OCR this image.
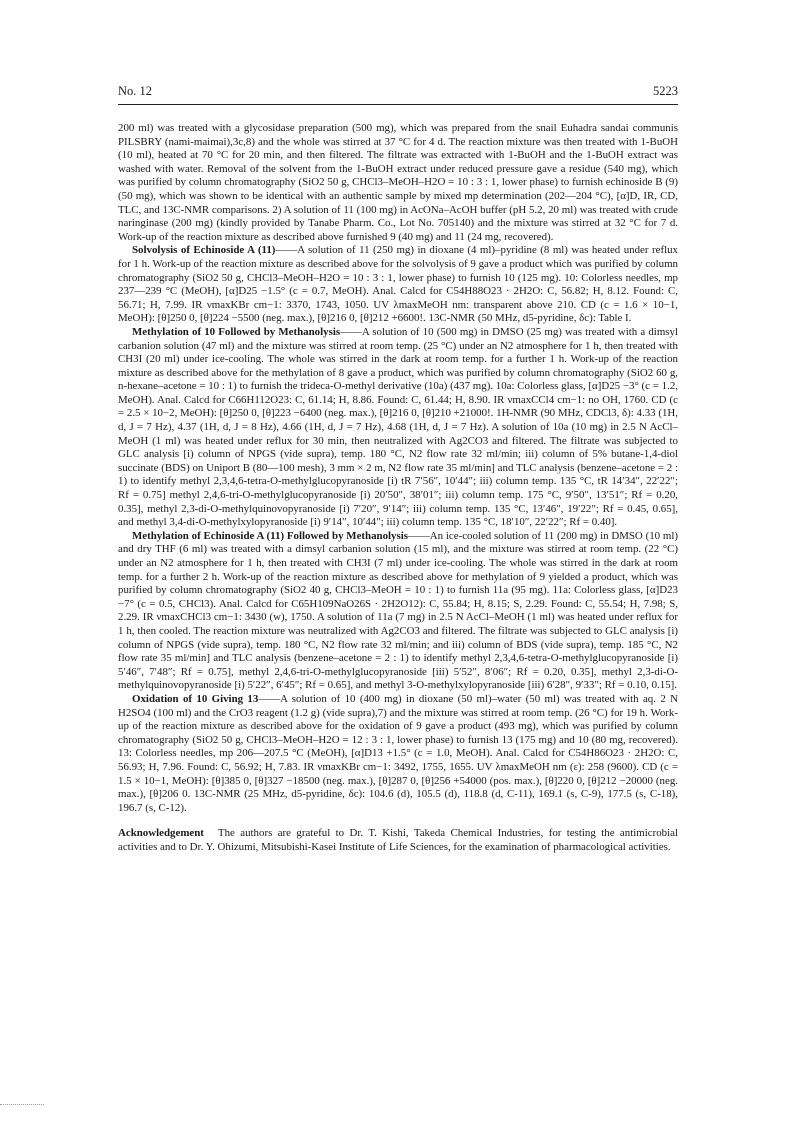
No. 12	5223

200 ml) was treated with a glycosidase preparation (500 mg), which was prepared from the snail Euhadra sandai communis PILSBRY (nami-maimai),3c,8) and the whole was stirred at 37 °C for 4 d. The reaction mixture was then treated with 1-BuOH (10 ml), heated at 70 °C for 20 min, and then filtered. The filtrate was extracted with 1-BuOH and the 1-BuOH extract was washed with water. Removal of the solvent from the 1-BuOH extract under reduced pressure gave a residue (540 mg), which was purified by column chromatography (SiO2 50 g, CHCl3–MeOH–H2O = 10 : 3 : 1, lower phase) to furnish echinoside B (9) (50 mg), which was shown to be identical with an authentic sample by mixed mp determination (202—204 °C), [α]D, IR, CD, TLC, and 13C-NMR comparisons. 2) A solution of 11 (100 mg) in AcONa–AcOH buffer (pH 5.2, 20 ml) was treated with crude naringinase (200 mg) (kindly provided by Tanabe Pharm. Co., Lot No. 705140) and the mixture was stirred at 32 °C for 7 d. Work-up of the reaction mixture as described above furnished 9 (40 mg) and 11 (24 mg, recovered).

Solvolysis of Echinoside A (11)——A solution of 11 (250 mg) in dioxane (4 ml)–pyridine (8 ml) was heated under reflux for 1 h. Work-up of the reaction mixture as described above for the solvolysis of 9 gave a product which was purified by column chromatography (SiO2 50 g, CHCl3–MeOH–H2O = 10 : 3 : 1, lower phase) to furnish 10 (125 mg). 10: Colorless needles, mp 237—239 °C (MeOH), [α]D25 −1.5° (c = 0.7, MeOH). Anal. Calcd for C54H88O23 · 2H2O: C, 56.82; H, 8.12. Found: C, 56.71; H, 7.99. IR νmaxKBr cm−1: 3370, 1743, 1050. UV λmaxMeOH nm: transparent above 210. CD (c = 1.6 × 10−1, MeOH): [θ]250 0, [θ]224 −5500 (neg. max.), [θ]216 0, [θ]212 +6600!. 13C-NMR (50 MHz, d5-pyridine, δc): Table I.

Methylation of 10 Followed by Methanolysis——A solution of 10 (500 mg) in DMSO (25 mg) was treated with a dimsyl carbanion solution (47 ml) and the mixture was stirred at room temp. (25 °C) under an N2 atmosphere for 1 h, then treated with CH3I (20 ml) under ice-cooling. The whole was stirred in the dark at room temp. for a further 1 h. Work-up of the reaction mixture as described above for the methylation of 8 gave a product, which was purified by column chromatography (SiO2 60 g, n-hexane–acetone = 10 : 1) to furnish the trideca-O-methyl derivative (10a) (437 mg). 10a: Colorless glass, [α]D25 −3° (c = 1.2, MeOH). Anal. Calcd for C66H112O23: C, 61.14; H, 8.86. Found: C, 61.44; H, 8.90. IR νmaxCCl4 cm−1: no OH, 1760. CD (c = 2.5 × 10−2, MeOH): [θ]250 0, [θ]223 −6400 (neg. max.), [θ]216 0, [θ]210 +21000!. 1H-NMR (90 MHz, CDCl3, δ): 4.33 (1H, d, J = 7 Hz), 4.37 (1H, d, J = 8 Hz), 4.66 (1H, d, J = 7 Hz), 4.68 (1H, d, J = 7 Hz). A solution of 10a (10 mg) in 2.5 N AcCl–MeOH (1 ml) was heated under reflux for 30 min, then neutralized with Ag2CO3 and filtered. The filtrate was subjected to GLC analysis [i) column of NPGS (vide supra), temp. 180 °C, N2 flow rate 32 ml/min; iii) column of 5% butane-1,4-diol succinate (BDS) on Uniport B (80—100 mesh), 3 mm × 2 m, N2 flow rate 35 ml/min] and TLC analysis (benzene–acetone = 2 : 1) to identify methyl 2,3,4,6-tetra-O-methylglucopyranoside [i) tR 7′56″, 10′44″; iii) column temp. 135 °C, tR 14′34″, 22′22″; Rf = 0.75] methyl 2,4,6-tri-O-methylglucopyranoside [i) 20′50″, 38′01″; iii) column temp. 175 °C, 9′50″, 13′51″; Rf = 0.20, 0.35], methyl 2,3-di-O-methylquinovopyranoside [i) 7′20″, 9′14″; iii) column temp. 135 °C, 13′46″, 19′22″; Rf = 0.45, 0.65], and methyl 3,4-di-O-methylxylopyranoside [i) 9′14″, 10′44″; iii) column temp. 135 °C, 18′10″, 22′22″; Rf = 0.40].

Methylation of Echinoside A (11) Followed by Methanolysis——An ice-cooled solution of 11 (200 mg) in DMSO (10 ml) and dry THF (6 ml) was treated with a dimsyl carbanion solution (15 ml), and the mixture was stirred at room temp. (22 °C) under an N2 atmosphere for 1 h, then treated with CH3I (7 ml) under ice-cooling. The whole was stirred in the dark at room temp. for a further 2 h. Work-up of the reaction mixture as described above for methylation of 9 yielded a product, which was purified by column chromatography (SiO2 40 g, CHCl3–MeOH = 10 : 1) to furnish 11a (95 mg). 11a: Colorless glass, [α]D23 −7° (c = 0.5, CHCl3). Anal. Calcd for C65H109NaO26S · 2H2O12): C, 55.84; H, 8.15; S, 2.29. Found: C, 55.54; H, 7.98; S, 2.29. IR νmaxCHCl3 cm−1: 3430 (w), 1750. A solution of 11a (7 mg) in 2.5 N AcCl–MeOH (1 ml) was heated under reflux for 1 h, then cooled. The reaction mixture was neutralized with Ag2CO3 and filtered. The filtrate was subjected to GLC analysis [i) column of NPGS (vide supra), temp. 180 °C, N2 flow rate 32 ml/min; and iii) column of BDS (vide supra), temp. 185 °C, N2 flow rate 35 ml/min] and TLC analysis (benzene–acetone = 2 : 1) to identify methyl 2,3,4,6-tetra-O-methylglucopyranoside [i) 5′46″, 7′48″; Rf = 0.75], methyl 2,4,6-tri-O-methylglucopyranoside [iii) 5′52″, 8′06″; Rf = 0.20, 0.35], methyl 2,3-di-O-methylquinovopyranoside [i) 5′22″, 6′45″; Rf = 0.65], and methyl 3-O-methylxylopyranoside [iii) 6′28″, 9′33″; Rf = 0.10, 0.15].

Oxidation of 10 Giving 13——A solution of 10 (400 mg) in dioxane (50 ml)–water (50 ml) was treated with aq. 2 N H2SO4 (100 ml) and the CrO3 reagent (1.2 g) (vide supra),7) and the mixture was stirred at room temp. (26 °C) for 19 h. Work-up of the reaction mixture as described above for the oxidation of 9 gave a product (493 mg), which was purified by column chromatography (SiO2 50 g, CHCl3–MeOH–H2O = 12 : 3 : 1, lower phase) to furnish 13 (175 mg) and 10 (80 mg, recovered). 13: Colorless needles, mp 206—207.5 °C (MeOH), [α]D13 +1.5° (c = 1.0, MeOH). Anal. Calcd for C54H86O23 · 2H2O: C, 56.93; H, 7.96. Found: C, 56.92; H, 7.83. IR νmaxKBr cm−1: 3492, 1755, 1655. UV λmaxMeOH nm (ε): 258 (9600). CD (c = 1.5 × 10−1, MeOH): [θ]385 0, [θ]327 −18500 (neg. max.), [θ]287 0, [θ]256 +54000 (pos. max.), [θ]220 0, [θ]212 −20000 (neg. max.), [θ]206 0. 13C-NMR (25 MHz, d5-pyridine, δc): 104.6 (d), 105.5 (d), 118.8 (d, C-11), 169.1 (s, C-9), 177.5 (s, C-18), 196.7 (s, C-12).

Acknowledgement The authors are grateful to Dr. T. Kishi, Takeda Chemical Industries, for testing the antimicrobial activities and to Dr. Y. Ohizumi, Mitsubishi-Kasei Institute of Life Sciences, for the examination of pharmacological activities.
